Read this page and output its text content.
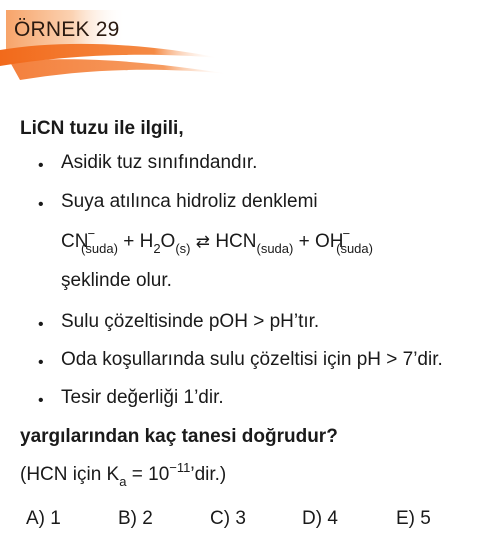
ÖRNEK 29
LiCN tuzu ile ilgili,
• Asidik tuz sınıfındandır.
• Suya atılınca hidroliz denklemi
$CN^-_{(suda)} + H_2O_{(s)}$ ⇄ $HCN_{(suda)} + OH^-_{(suda)}$
şeklinde olur.
• Sulu çözeltisinde pOH > pH’tır.
• Oda koşullarında sulu çözeltisi için pH > 7’dir.
• Tesir değerliği 1’dir.
yargılarından kaç tanesi doğrudur?
(HCN için $K_a$ = $10^{-11}’dir$.)
A) 1	B) 2	C) 3	D) 4	E) 5
